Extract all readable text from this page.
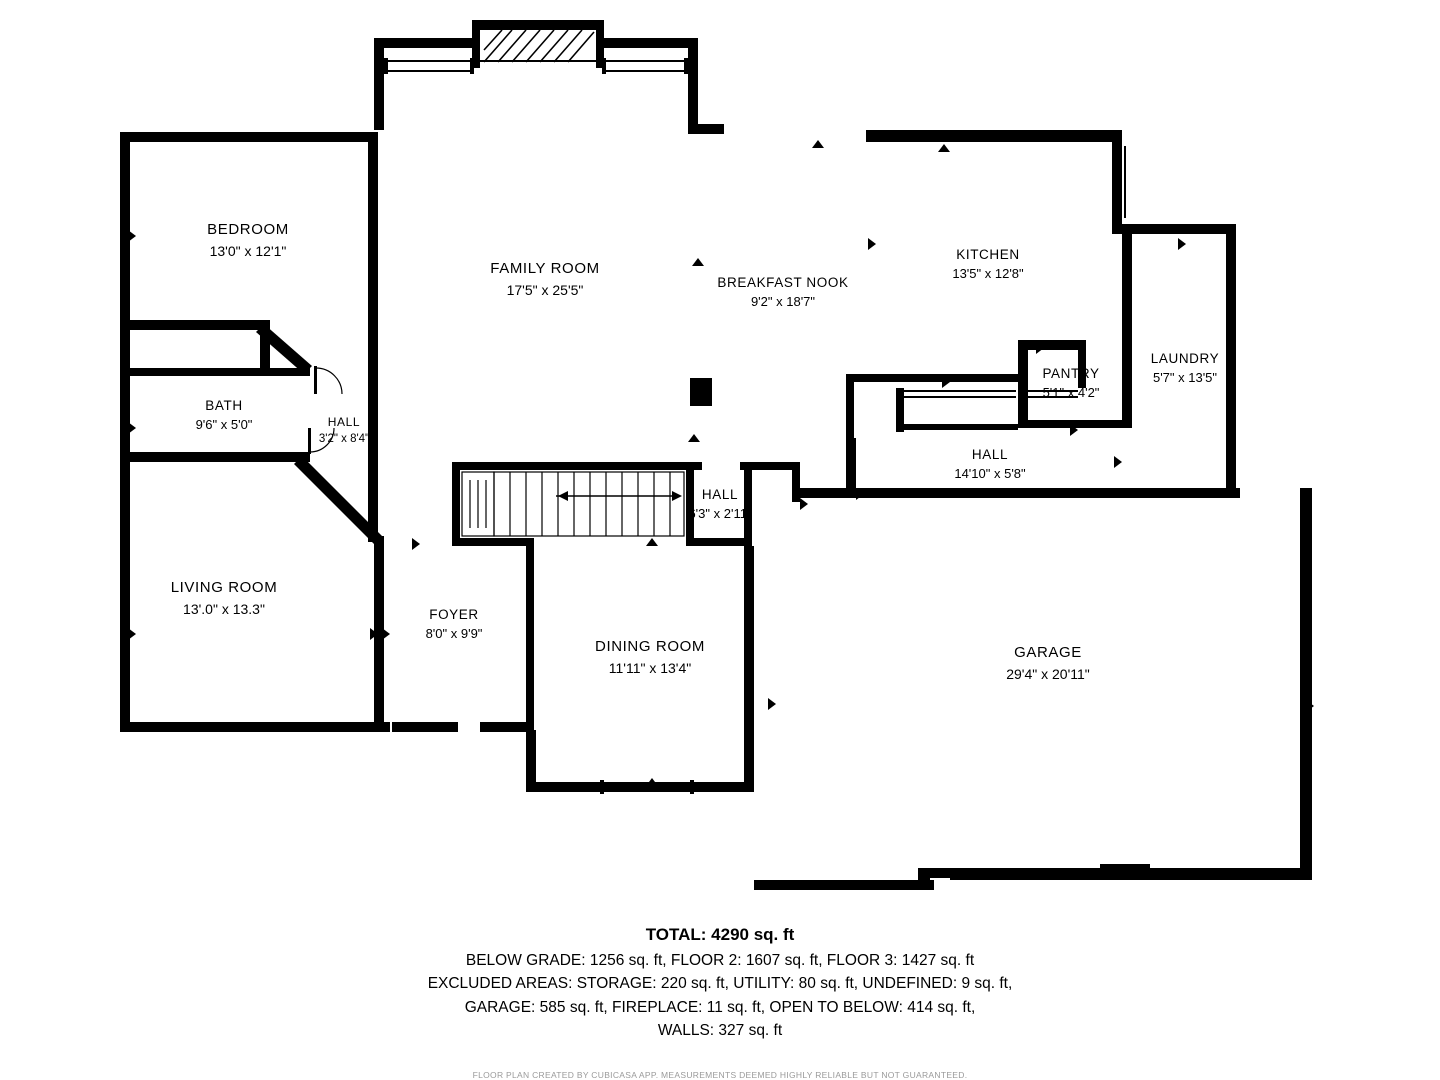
BEDROOM
13'0" x 12'1"
FAMILY ROOM
17'5" x 25'5"	BREAKFAST NOOK
9'2" x 18'7"
KITCHEN
13'5" x 12'8"
LAUNDRY
5'7" x 13'5"
PANTRY
5'1" x 4'2"
BATH
9'6" x 5'0"	HALL
3'2" x 8'4"
HALL
14'10" x 5'8"
HALL
6'3" x 2'11"
LIVING ROOM
13'.0" x 13.3"	FOYER
8'0" x 9'9"
DINING ROOM
11'11" x 13'4"
GARAGE
29'4" x 20'11"
TOTAL: 4290 sq. ft
BELOW GRADE: 1256 sq. ft, FLOOR 2: 1607 sq. ft, FLOOR 3: 1427 sq. ft
EXCLUDED AREAS: STORAGE: 220 sq. ft, UTILITY: 80 sq. ft, UNDEFINED: 9 sq. ft,
GARAGE: 585 sq. ft, FIREPLACE: 11 sq. ft, OPEN TO BELOW: 414 sq. ft,
WALLS: 327 sq. ft
FLOOR PLAN CREATED BY CUBICASA APP. MEASUREMENTS DEEMED HIGHLY RELIABLE BUT NOT GUARANTEED.
